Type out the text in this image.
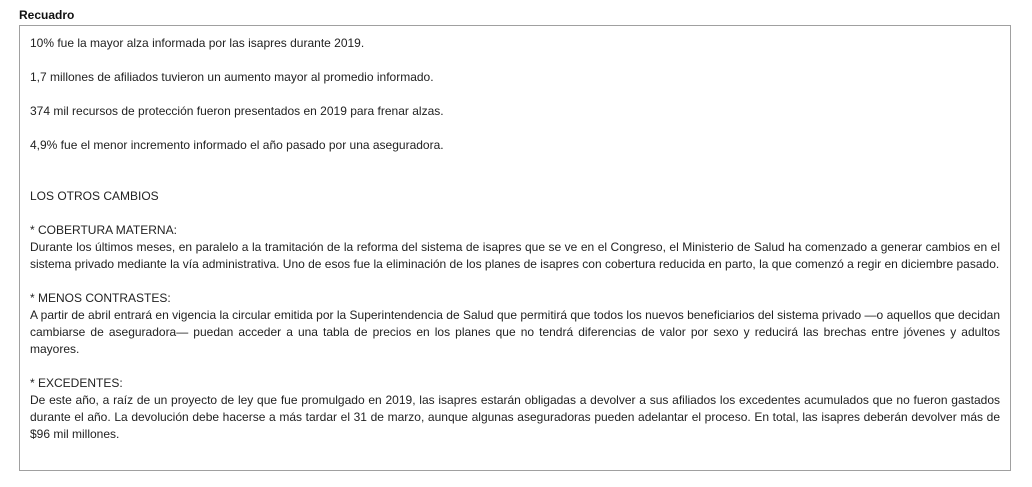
Recuadro

10% fue la mayor alza informada por las isapres durante 2019.

1,7 millones de afiliados tuvieron un aumento mayor al promedio informado.

374 mil recursos de protección fueron presentados en 2019 para frenar alzas.

4,9% fue el menor incremento informado el año pasado por una aseguradora.

LOS OTROS CAMBIOS

* COBERTURA MATERNA:
Durante los últimos meses, en paralelo a la tramitación de la reforma del sistema de isapres que se ve en el Congreso, el Ministerio de Salud ha comenzado a generar cambios en el sistema privado mediante la vía administrativa. Uno de esos fue la eliminación de los planes de isapres con cobertura reducida en parto, la que comenzó a regir en diciembre pasado.

* MENOS CONTRASTES:
A partir de abril entrará en vigencia la circular emitida por la Superintendencia de Salud que permitirá que todos los nuevos beneficiarios del sistema privado —o aquellos que decidan cambiarse de aseguradora— puedan acceder a una tabla de precios en los planes que no tendrá diferencias de valor por sexo y reducirá las brechas entre jóvenes y adultos mayores.

* EXCEDENTES:
De este año, a raíz de un proyecto de ley que fue promulgado en 2019, las isapres estarán obligadas a devolver a sus afiliados los excedentes acumulados que no fueron gastados durante el año. La devolución debe hacerse a más tardar el 31 de marzo, aunque algunas aseguradoras pueden adelantar el proceso. En total, las isapres deberán devolver más de $96 mil millones.
